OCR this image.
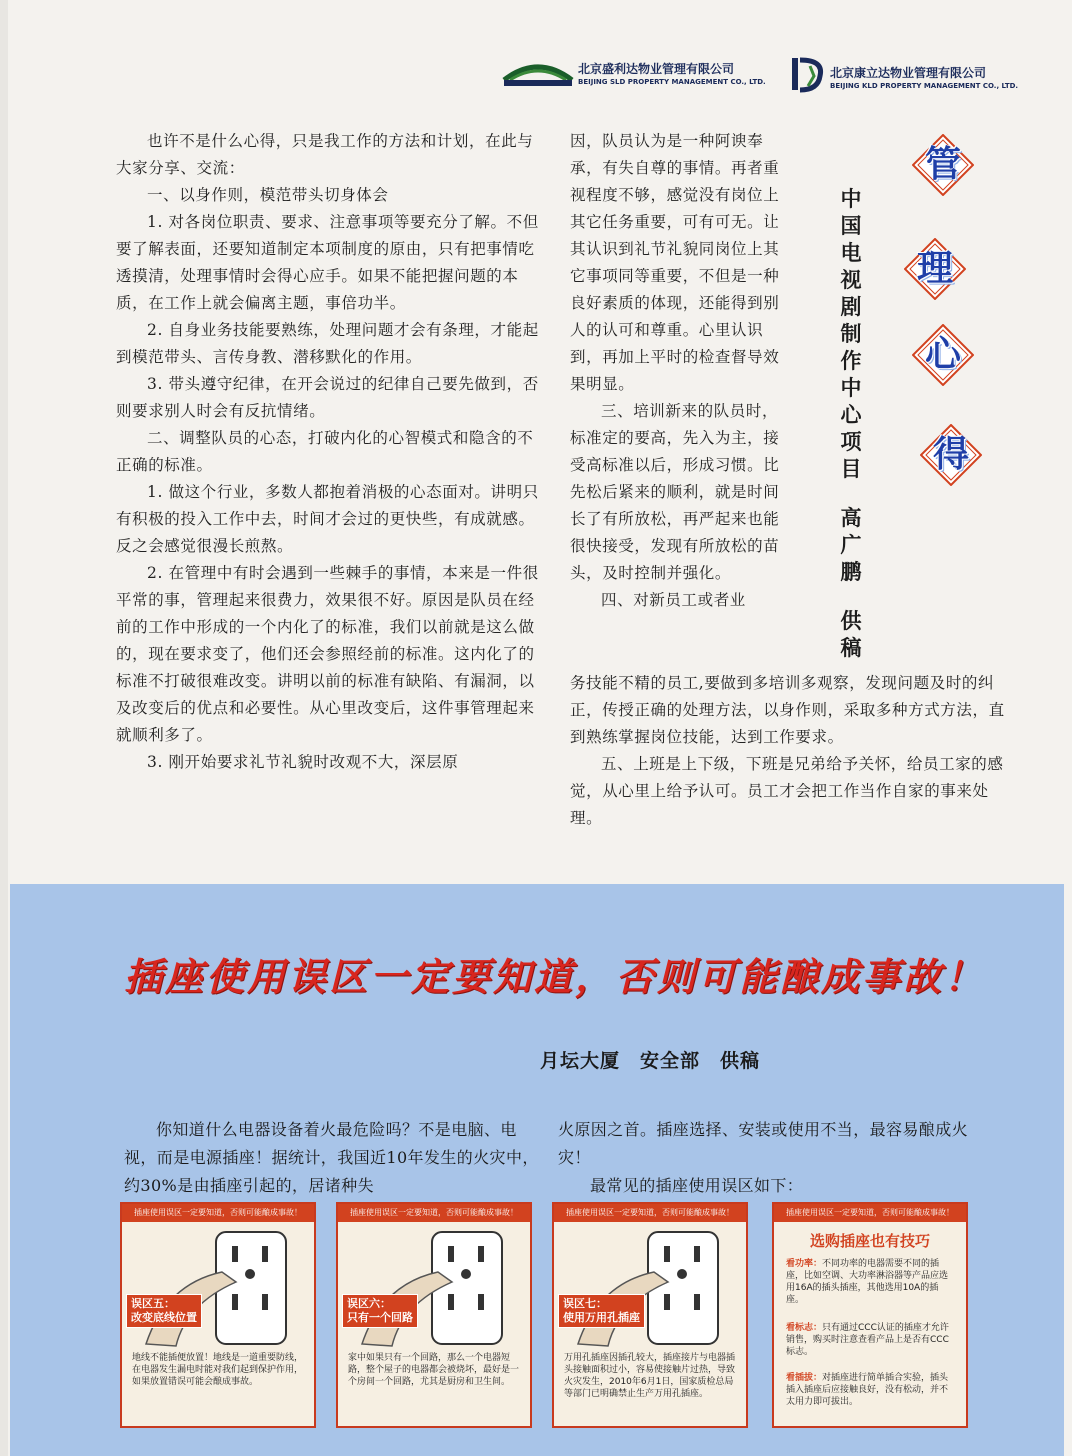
北京盛利达物业管理有限公司
BEIJING SLD PROPERTY MANAGEMENT CO., LTD.
北京康立达物业管理有限公司
BEIJING KLD PROPERTY MANAGEMENT CO., LTD.

也许不是什么心得，只是我工作的方法和计划，在此与大家分享、交流：

一、以身作则，模范带头切身体会

1. 对各岗位职责、要求、注意事项等要充分了解。不但要了解表面，还要知道制定本项制度的原由，只有把事情吃透摸清，处理事情时会得心应手。如果不能把握问题的本质，在工作上就会偏离主题，事倍功半。

2. 自身业务技能要熟练，处理问题才会有条理，才能起到模范带头、言传身教、潜移默化的作用。

3. 带头遵守纪律，在开会说过的纪律自己要先做到，否则要求别人时会有反抗情绪。

二、调整队员的心态，打破内化的心智模式和隐含的不正确的标准。

1. 做这个行业，多数人都抱着消极的心态面对。讲明只有积极的投入工作中去，时间才会过的更快些，有成就感。反之会感觉很漫长煎熬。

2. 在管理中有时会遇到一些棘手的事情，本来是一件很平常的事，管理起来很费力，效果很不好。原因是队员在经前的工作中形成的一个内化了的标准，我们以前就是这么做的，现在要求变了，他们还会参照经前的标准。这内化了的标准不打破很难改变。讲明以前的标准有缺陷、有漏洞，以及改变后的优点和必要性。从心里改变后，这件事管理起来就顺利多了。

3. 刚开始要求礼节礼貌时改观不大，深层原

因，队员认为是一种阿谀奉承，有失自尊的事情。再者重视程度不够，感觉没有岗位上其它任务重要，可有可无。让其认识到礼节礼貌同岗位上其它事项同等重要，不但是一种良好素质的体现，还能得到别人的认可和尊重。心里认识到，再加上平时的检查督导效果明显。

三、培训新来的队员时，标准定的要高，先入为主，接受高标准以后，形成习惯。比先松后紧来的顺利，就是时间长了有所放松，再严起来也能很快接受，发现有所放松的苗头，及时控制并强化。

四、对新员工或者业

务技能不精的员工,要做到多培训多观察，发现问题及时的纠正，传授正确的处理方法，以身作则，采取多种方式方法，直到熟练掌握岗位技能，达到工作要求。

五、上班是上下级，下班是兄弟给予关怀，给员工家的感觉，从心里上给予认可。员工才会把工作当作自家的事来处理。

中
国
电
视
剧
制
作
中
心
项
目
高
广
鹏
供
稿
管
理
心
得
插座使用误区一定要知道，否则可能酿成事故！
月坛大厦　安全部　供稿

你知道什么电器设备着火最危险吗？不是电脑、电视，而是电源插座！据统计，我国近10年发生的火灾中，约30%是由插座引起的，居诸种失

火原因之首。插座选择、安装或使用不当，最容易酿成火灾！

最常见的插座使用误区如下：

插座使用误区一定要知道，否则可能酿成事故！
误区五：
改变底线位置
地线不能插便放置！地线是一道重要防线，在电器发生漏电时能对我们起到保护作用，如果放置错误可能会酿成事故。
插座使用误区一定要知道，否则可能酿成事故！
误区六：
只有一个回路
家中如果只有一个回路，那么一个电器短路，整个屋子的电器都会被烧坏，最好是一个房间一个回路，尤其是厨房和卫生间。
插座使用误区一定要知道，否则可能酿成事故！
误区七：
使用万用孔插座
万用孔插座因插孔较大，插座接片与电器插头接触面积过小，容易使接触片过热，导致火灾发生，2010年6月1日，国家质检总局等部门已明确禁止生产万用孔插座。
插座使用误区一定要知道，否则可能酿成事故！
选购插座也有技巧
看功率：不同功率的电器需要不同的插座，比如空调、大功率淋浴器等产品应选用16A的插头插座，其他选用10A的插座。
看标志：只有通过CCC认证的插座才允许销售，购买时注意查看产品上是否有CCC标志。
看插拔：对插座进行简单插合实验，插头插入插座后应接触良好，没有松动，并不太用力即可拔出。
